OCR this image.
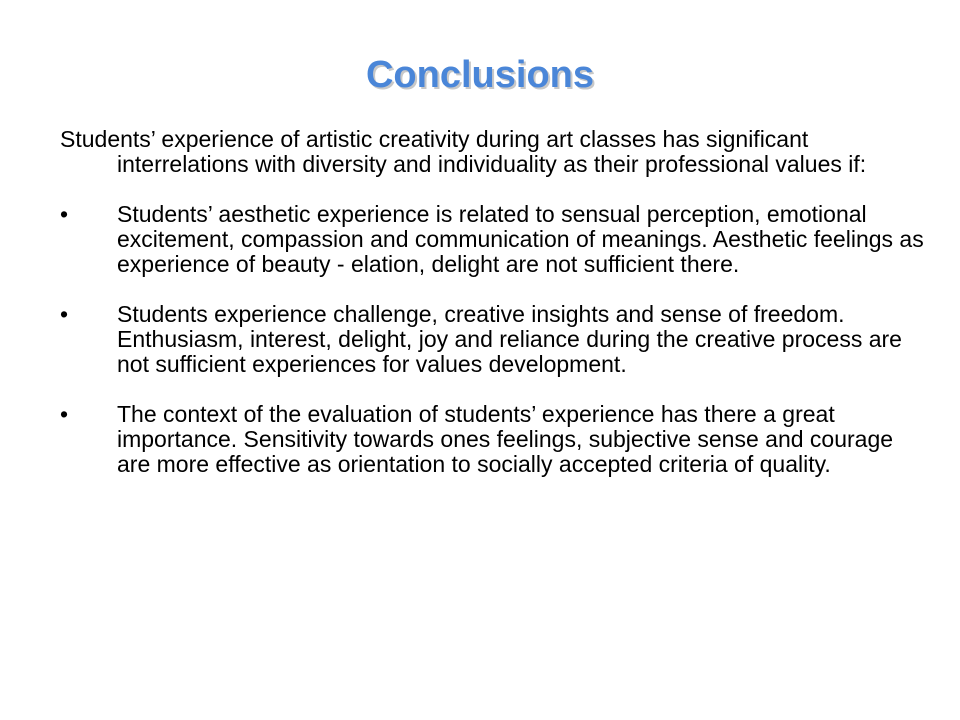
Conclusions

Students’ experience of artistic creativity during art classes has significant interrelations with diversity and individuality as their professional values if:

•	Students’ aesthetic experience is related to sensual perception, emotional excitement, compassion and communication of meanings. Aesthetic feelings as experience of beauty - elation, delight are not sufficient there.
•	Students experience challenge, creative insights and sense of freedom. Enthusiasm, interest, delight, joy and reliance during the creative process are not sufficient experiences for values development.
•	The context of the evaluation of students’ experience has there a great importance. Sensitivity towards ones feelings, subjective sense and courage are more effective as orientation to socially accepted criteria of quality.
